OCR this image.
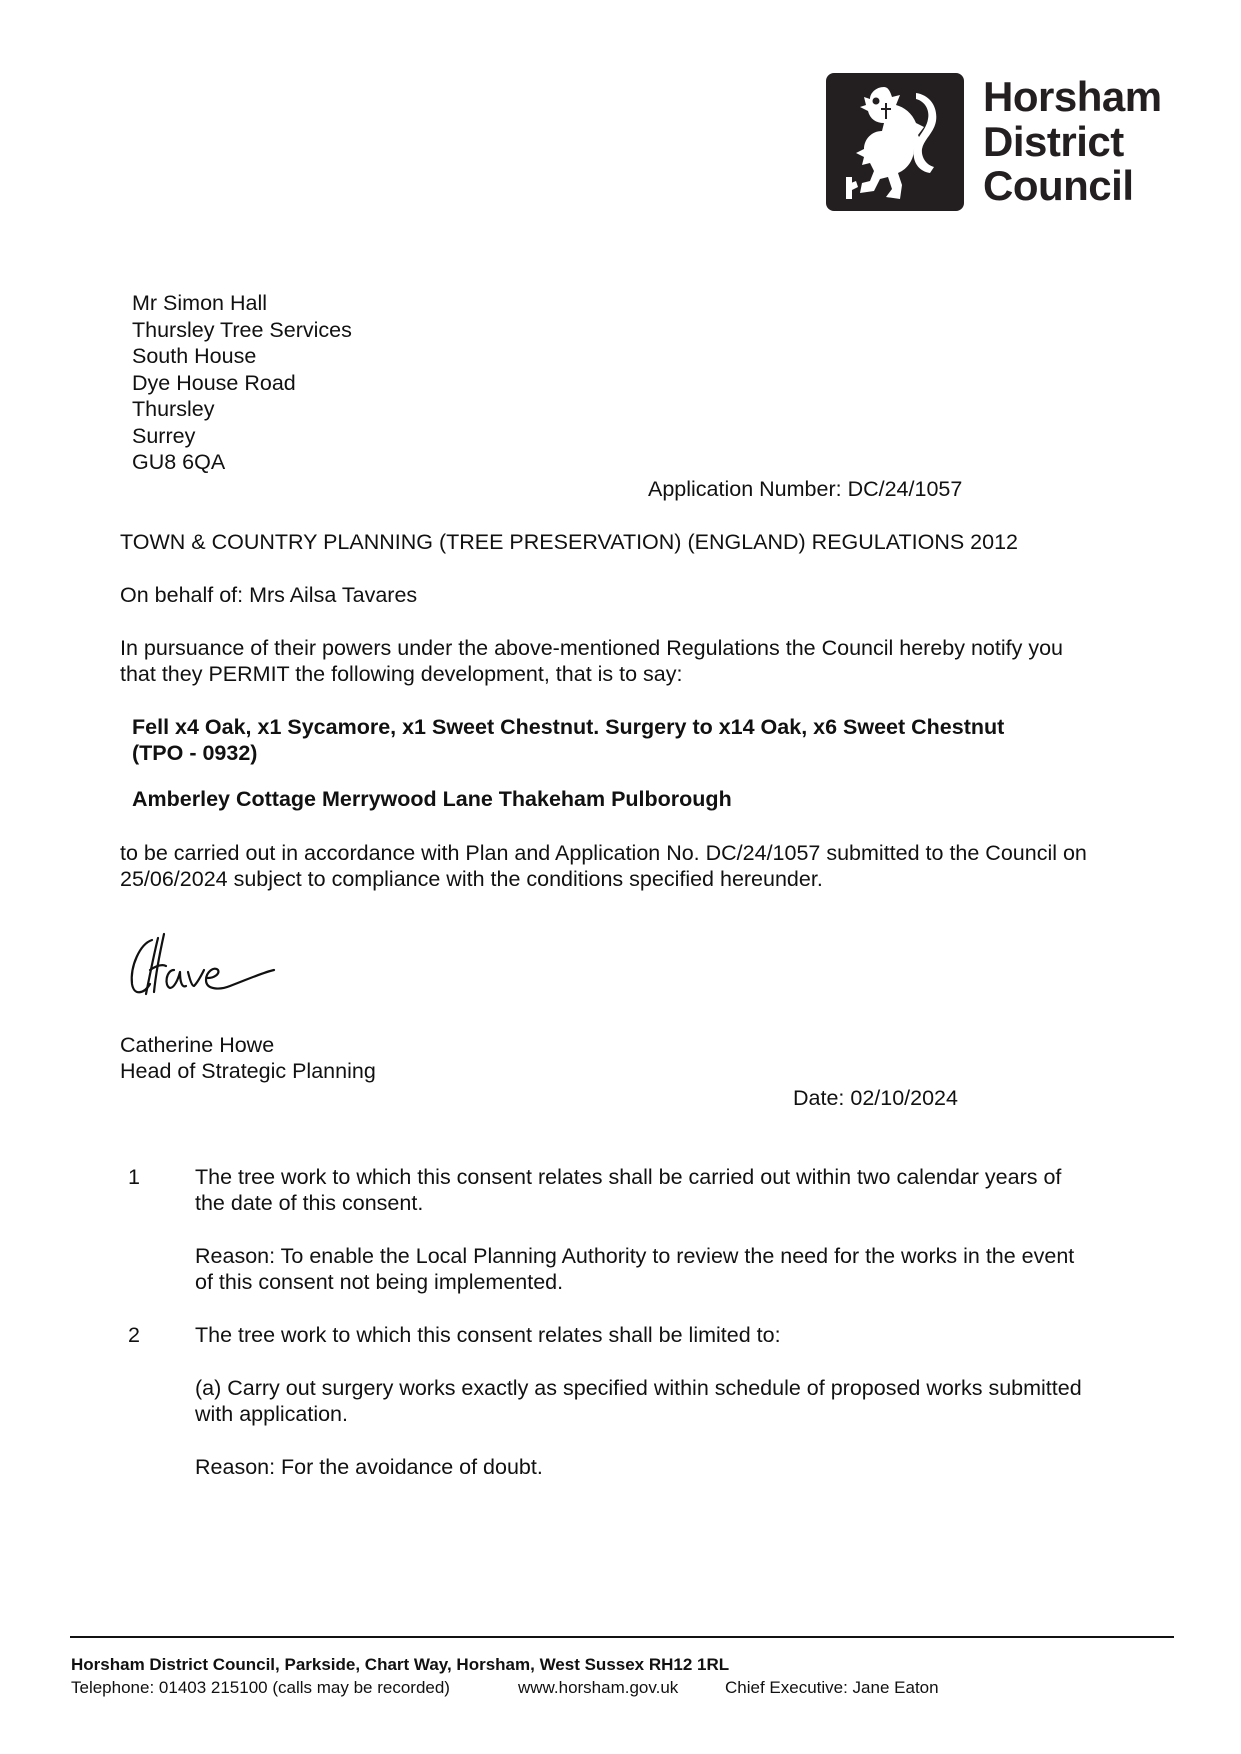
Horsham
District
Council
Mr Simon Hall
Thursley Tree Services
South House
Dye House Road
Thursley
Surrey
GU8 6QA
Application Number: DC/24/1057
TOWN & COUNTRY PLANNING (TREE PRESERVATION) (ENGLAND) REGULATIONS 2012
On behalf of: Mrs Ailsa Tavares
In pursuance of their powers under the above-mentioned Regulations the Council hereby notify you
that they PERMIT the following development, that is to say:
Fell x4 Oak, x1 Sycamore, x1 Sweet Chestnut. Surgery to x14 Oak, x6 Sweet Chestnut
(TPO - 0932)
Amberley Cottage Merrywood Lane Thakeham Pulborough
to be carried out in accordance with Plan and Application No. DC/24/1057 submitted to the Council on
25/06/2024 subject to compliance with the conditions specified hereunder.
Catherine Howe
Head of Strategic Planning
Date: 02/10/2024
1	The tree work to which this consent relates shall be carried out within two calendar years of
the date of this consent.
Reason: To enable the Local Planning Authority to review the need for the works in the event
of this consent not being implemented.
2	The tree work to which this consent relates shall be limited to:
(a) Carry out surgery works exactly as specified within schedule of proposed works submitted
with application.
Reason: For the avoidance of doubt.
Horsham District Council, Parkside, Chart Way, Horsham, West Sussex RH12 1RL
Telephone: 01403 215100 (calls may be recorded)	www.horsham.gov.uk	Chief Executive: Jane Eaton
